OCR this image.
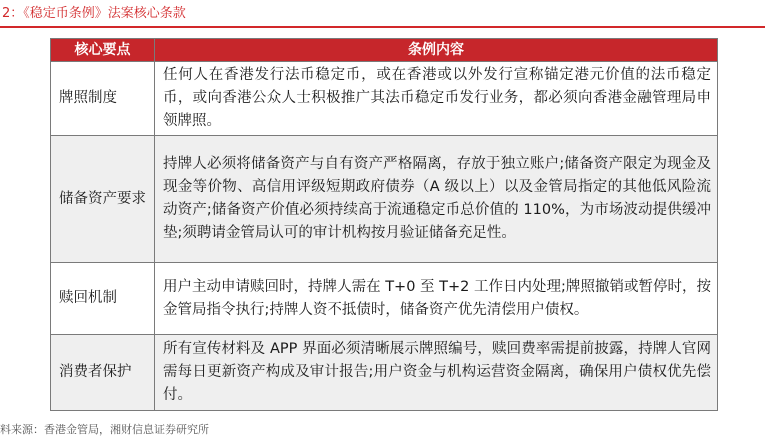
2：《稳定币条例》法案核心条款
核心要点	条例内容
牌照制度	任何人在香港发行法币稳定币，或在香港或以外发行宣称锚定港元价值的法币稳定币，或向香港公众人士积极推广其法币稳定币发行业务，都必须向香港金融管理局申领牌照。
储备资产要求	持牌人必须将储备资产与自有资产严格隔离，存放于独立账户;储备资产限定为现金及现金等价物、高信用评级短期政府债券（A 级以上）以及金管局指定的其他低风险流动资产;储备资产价值必须持续高于流通稳定币总价值的 110%，为市场波动提供缓冲垫;须聘请金管局认可的审计机构按月验证储备充足性。
赎回机制	用户主动申请赎回时，持牌人需在 T+0 至 T+2 工作日内处理;牌照撤销或暂停时，按金管局指令执行;持牌人资不抵债时，储备资产优先清偿用户债权。
消费者保护	所有宣传材料及 APP 界面必须清晰展示牌照编号，赎回费率需提前披露，持牌人官网需每日更新资产构成及审计报告;用户资金与机构运营资金隔离，确保用户债权优先偿付。
料来源：香港金管局，湘财信息证券研究所
